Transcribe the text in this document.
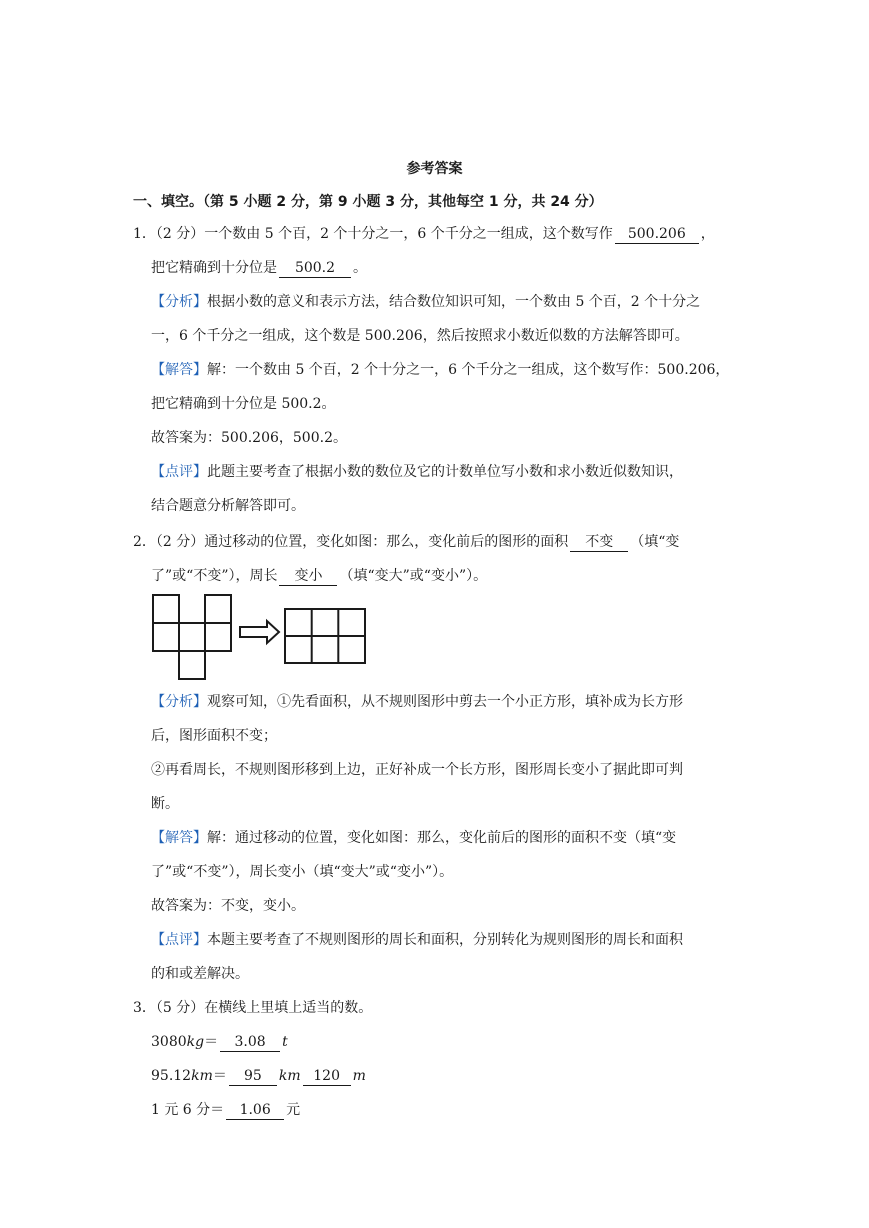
参考答案
一、填空。（第 5 小题 2 分，第 9 小题 3 分，其他每空 1 分，共 24 分）
1．（2 分）一个数由 5 个百，2 个十分之一，6 个千分之一组成，这个数写作 500.206 ，
把它精确到十分位是 500.2 。
【分析】根据小数的意义和表示方法，结合数位知识可知，一个数由 5 个百，2 个十分之
一，6 个千分之一组成，这个数是 500.206，然后按照求小数近似数的方法解答即可。
【解答】解：一个数由 5 个百，2 个十分之一，6 个千分之一组成，这个数写作：500.206，
把它精确到十分位是 500.2。
故答案为：500.206，500.2。
【点评】此题主要考查了根据小数的数位及它的计数单位写小数和求小数近似数知识，
结合题意分析解答即可。
2．（2 分）通过移动的位置，变化如图：那么，变化前后的图形的面积 不变 （填“变
了”或“不变”），周长 变小 （填“变大”或“变小”）。
【分析】观察可知，①先看面积，从不规则图形中剪去一个小正方形，填补成为长方形
后，图形面积不变；
②再看周长，不规则图形移到上边，正好补成一个长方形，图形周长变小了据此即可判
断。
【解答】解：通过移动的位置，变化如图：那么，变化前后的图形的面积不变（填“变
了”或“不变”），周长变小（填“变大”或“变小”）。
故答案为：不变，变小。
【点评】本题主要考查了不规则图形的周长和面积，分别转化为规则图形的周长和面积
的和或差解决。
3．（5 分）在横线上里填上适当的数。
3080kg＝ 3.08 t
95.12km＝ 95 km 120 m
1 元 6 分＝ 1.06 元
